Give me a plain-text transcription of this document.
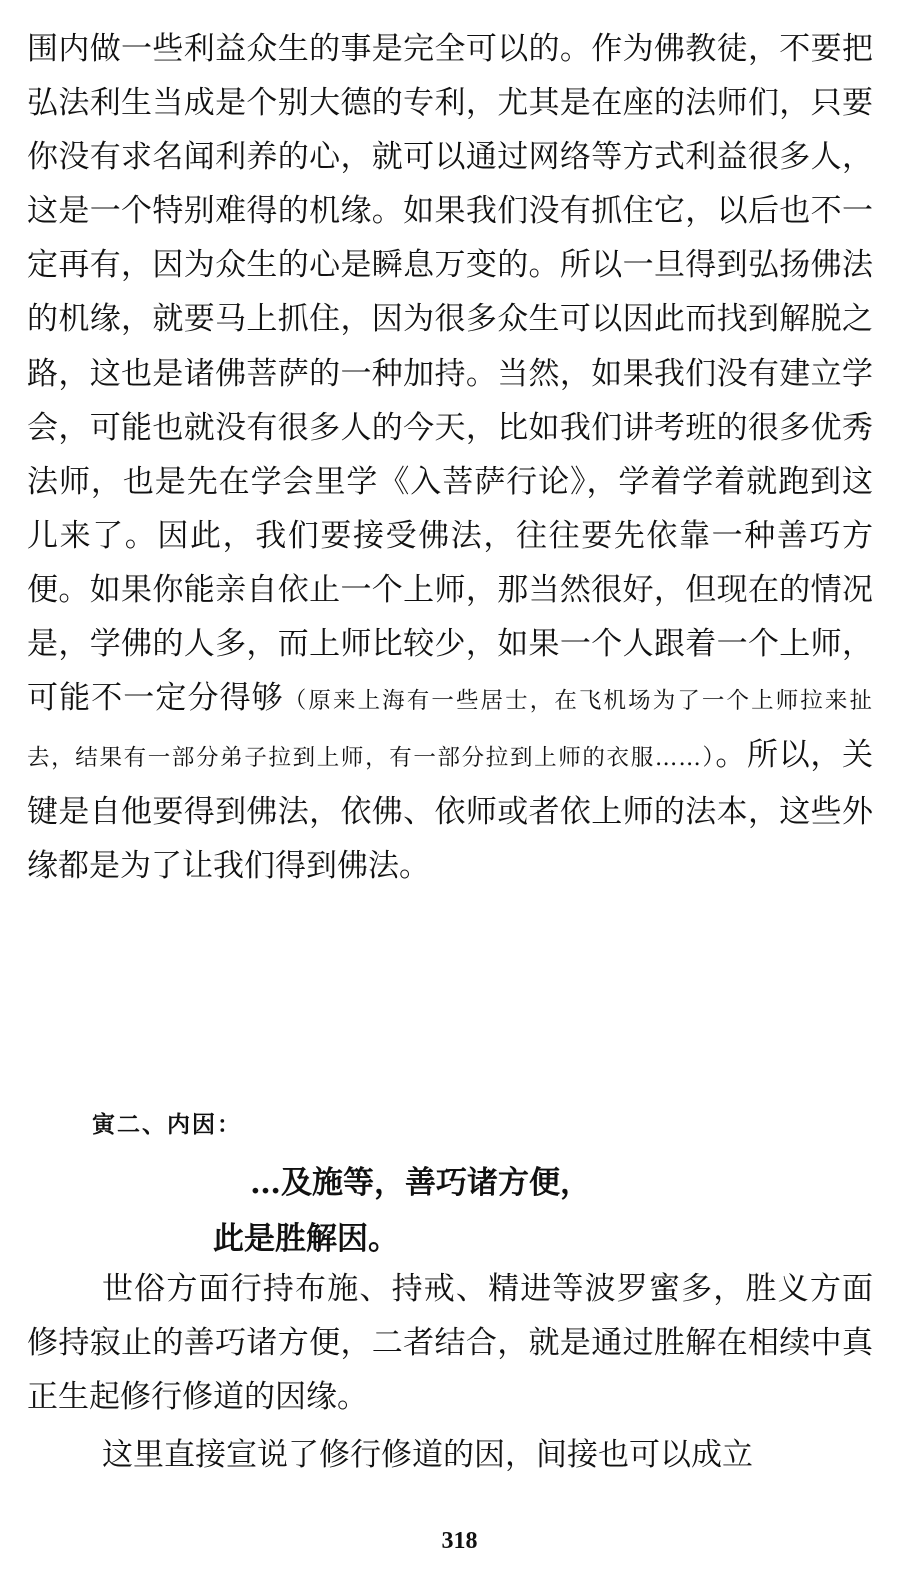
围内做一些利益众生的事是完全可以的。作为佛教徒，不要把弘法利生当成是个别大德的专利，尤其是在座的法师们，只要你没有求名闻利养的心，就可以通过网络等方式利益很多人，这是一个特别难得的机缘。如果我们没有抓住它，以后也不一定再有，因为众生的心是瞬息万变的。所以一旦得到弘扬佛法的机缘，就要马上抓住，因为很多众生可以因此而找到解脱之路，这也是诸佛菩萨的一种加持。当然，如果我们没有建立学会，可能也就没有很多人的今天，比如我们讲考班的很多优秀法师，也是先在学会里学《入菩萨行论》，学着学着就跑到这儿来了。因此，我们要接受佛法，往往要先依靠一种善巧方便。如果你能亲自依止一个上师，那当然很好，但现在的情况是，学佛的人多，而上师比较少，如果一个人跟着一个上师，可能不一定分得够（原来上海有一些居士，在飞机场为了一个上师拉来扯去，结果有一部分弟子拉到上师，有一部分拉到上师的衣服……）。所以，关键是自他要得到佛法，依佛、依师或者依上师的法本，这些外缘都是为了让我们得到佛法。

寅二、内因：

…及施等，善巧诸方便，

此是胜解因。

世俗方面行持布施、持戒、精进等波罗蜜多，胜义方面修持寂止的善巧诸方便，二者结合，就是通过胜解在相续中真正生起修行修道的因缘。

这里直接宣说了修行修道的因，间接也可以成立

318
